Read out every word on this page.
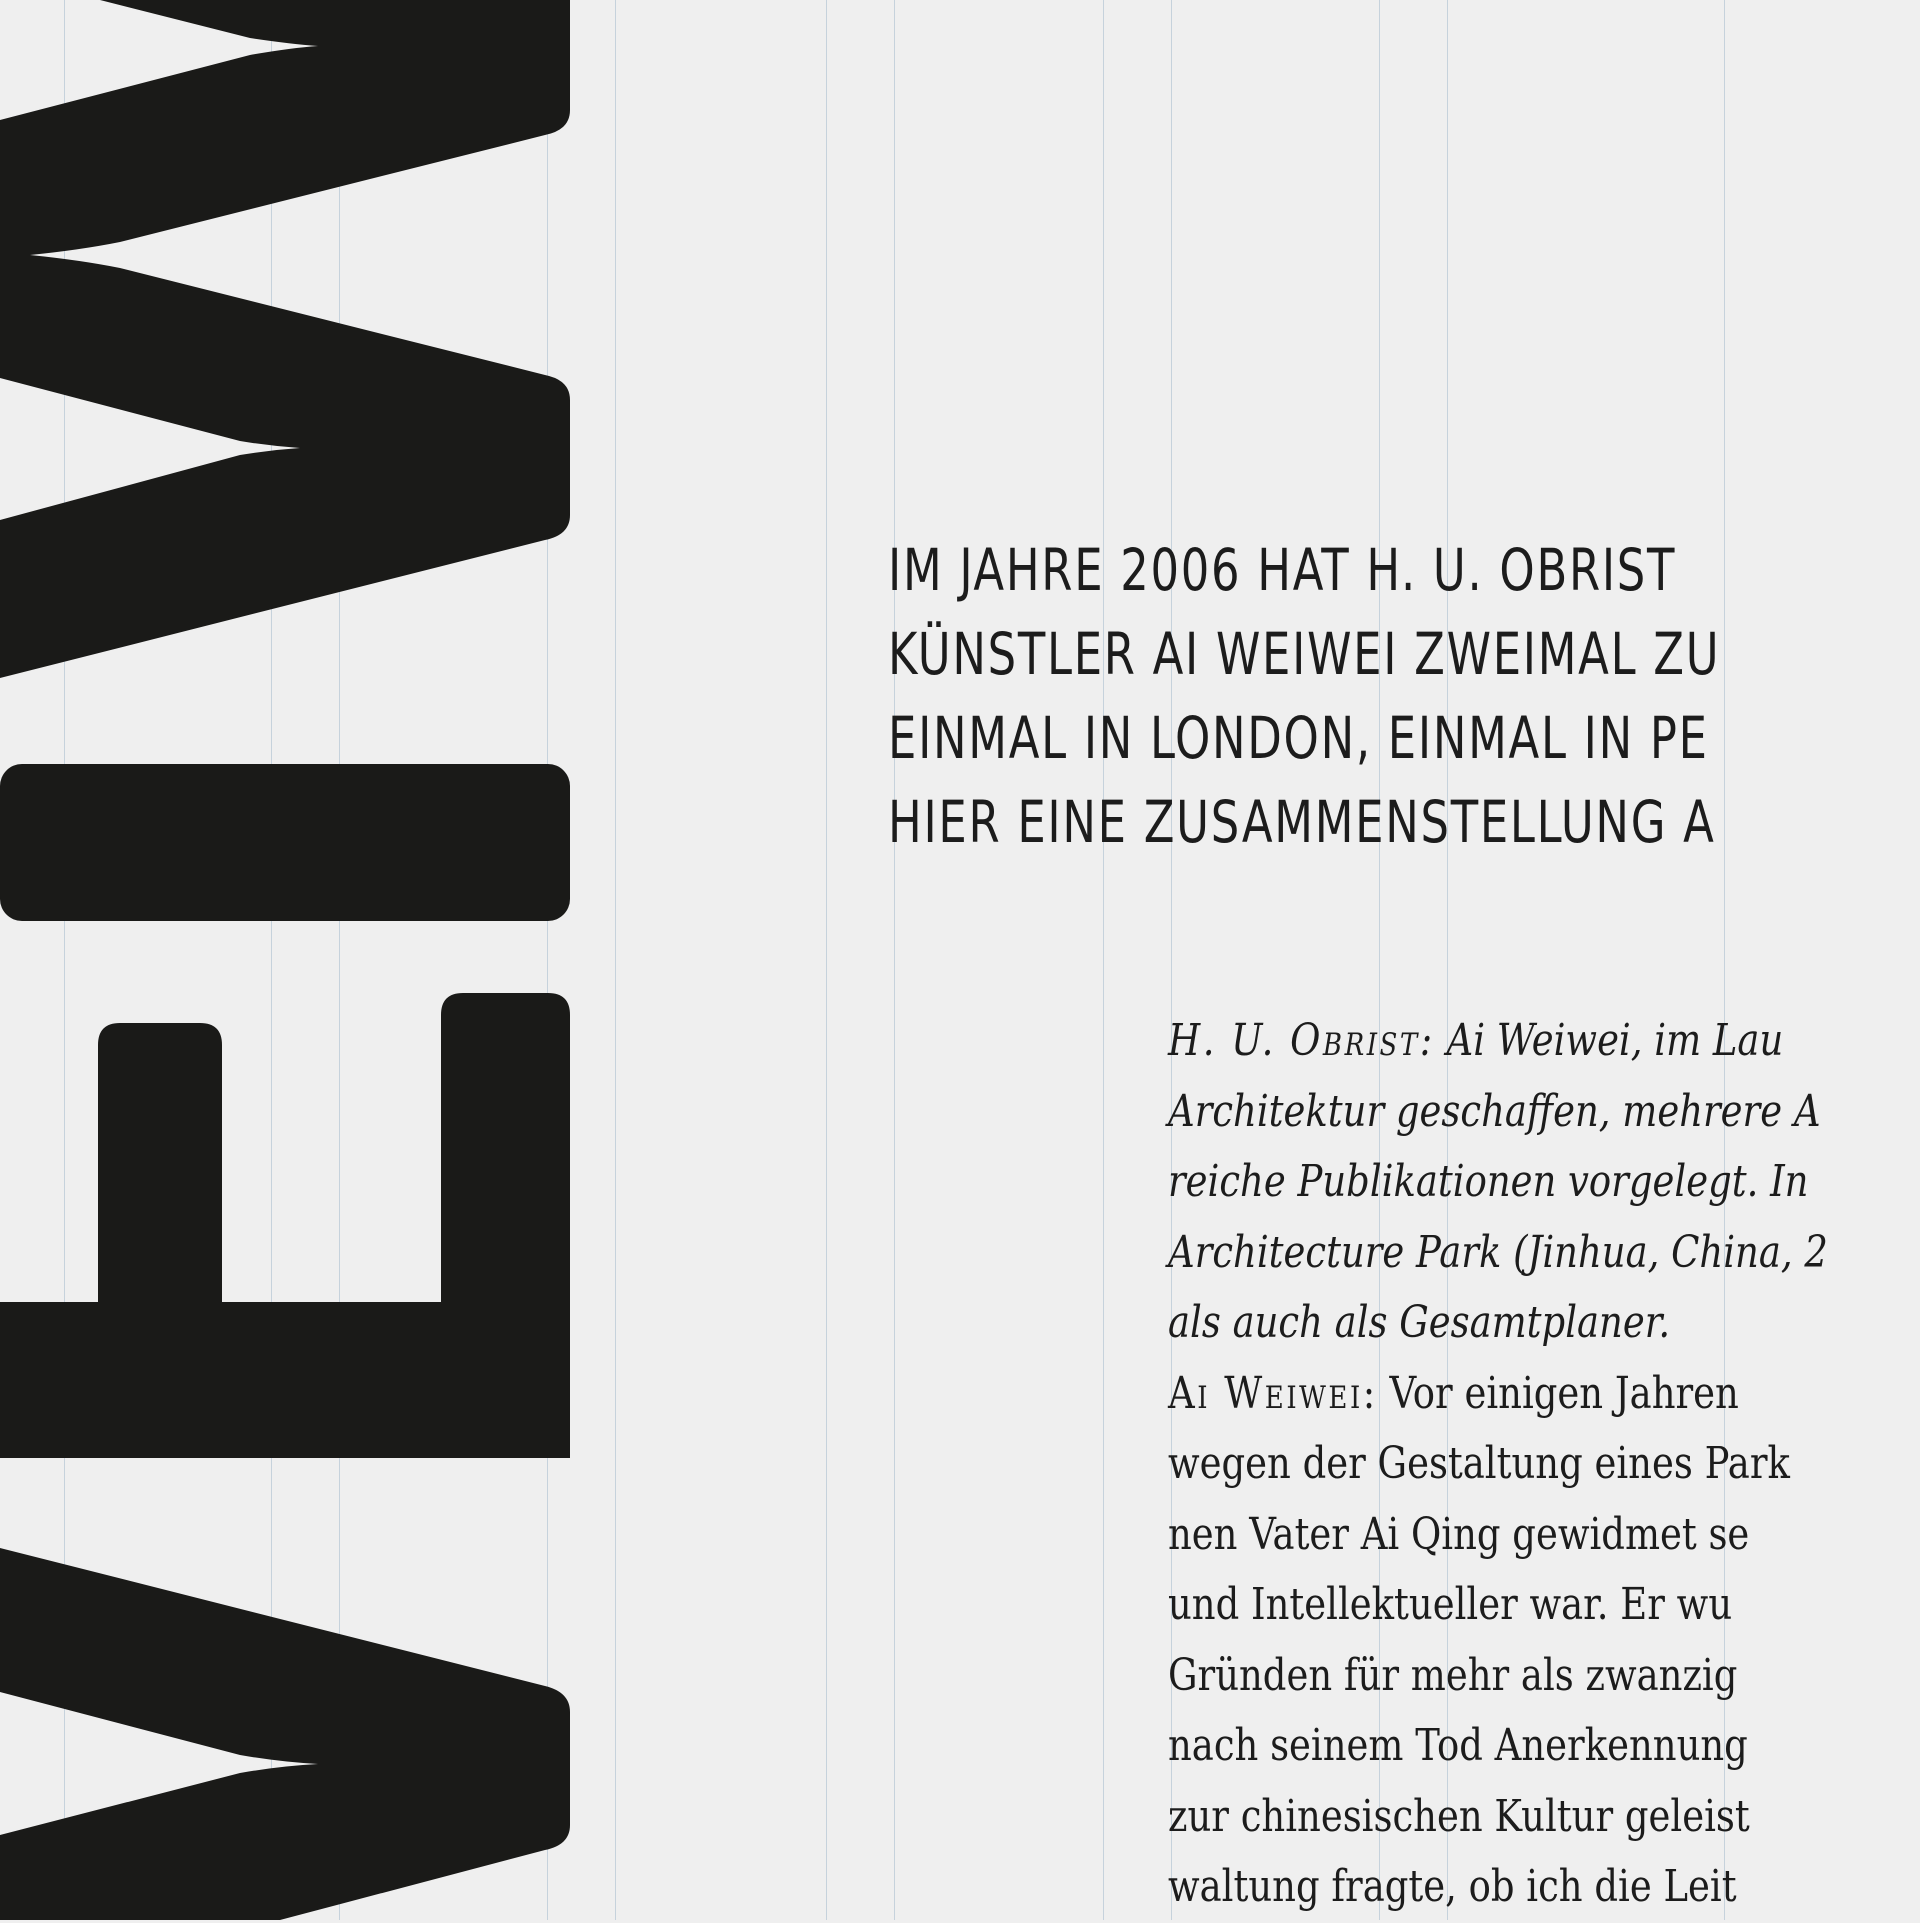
IM JAHRE 2006 HAT H. U. OBRIST
KÜNSTLER AI WEIWEI ZWEIMAL ZU
EINMAL IN LONDON, EINMAL IN PE
HIER EINE ZUSAMMENSTELLUNG A
H. U. Obrist: Ai Weiwei, im Lau
Architektur geschaffen, mehrere A
reiche Publikationen vorgelegt. In
Architecture Park (Jinhua, China, 2
als auch als Gesamtplaner.
Ai Weiwei: Vor einigen Jahren
wegen der Gestaltung eines Park
nen Vater Ai Qing gewidmet se
und Intellektueller war. Er wu
Gründen für mehr als zwanzig
nach seinem Tod Anerkennung
zur chinesischen Kultur geleist
waltung fragte, ob ich die Leit
